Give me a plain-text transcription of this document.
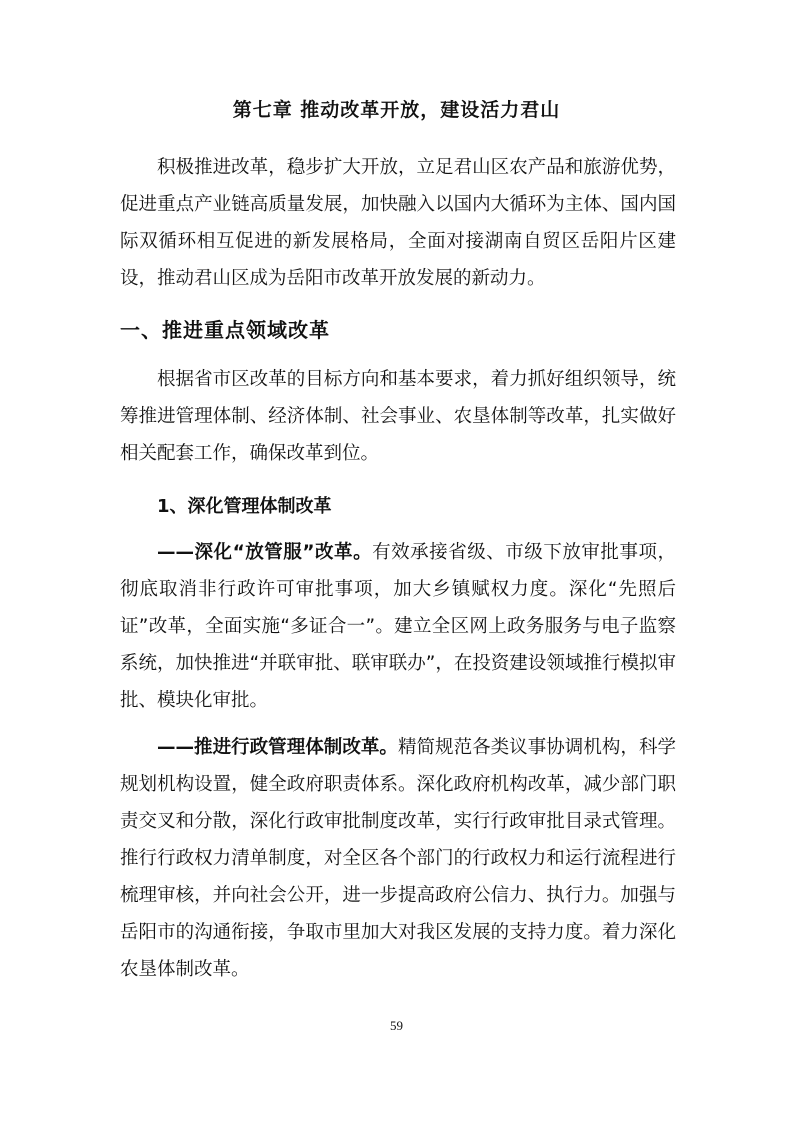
第七章 推动改革开放，建设活力君山

积极推进改革，稳步扩大开放，立足君山区农产品和旅游优势，促进重点产业链高质量发展，加快融入以国内大循环为主体、国内国际双循环相互促进的新发展格局，全面对接湖南自贸区岳阳片区建设，推动君山区成为岳阳市改革开放发展的新动力。

一、推进重点领域改革

根据省市区改革的目标方向和基本要求，着力抓好组织领导，统筹推进管理体制、经济体制、社会事业、农垦体制等改革，扎实做好相关配套工作，确保改革到位。

1、深化管理体制改革

——深化“放管服”改革。有效承接省级、市级下放审批事项，彻底取消非行政许可审批事项，加大乡镇赋权力度。深化“先照后证”改革，全面实施“多证合一”。建立全区网上政务服务与电子监察系统，加快推进“并联审批、联审联办”，在投资建设领域推行模拟审批、模块化审批。

——推进行政管理体制改革。精简规范各类议事协调机构，科学规划机构设置，健全政府职责体系。深化政府机构改革，减少部门职责交叉和分散，深化行政审批制度改革，实行行政审批目录式管理。推行行政权力清单制度，对全区各个部门的行政权力和运行流程进行梳理审核，并向社会公开，进一步提高政府公信力、执行力。加强与岳阳市的沟通衔接，争取市里加大对我区发展的支持力度。着力深化农垦体制改革。

59
